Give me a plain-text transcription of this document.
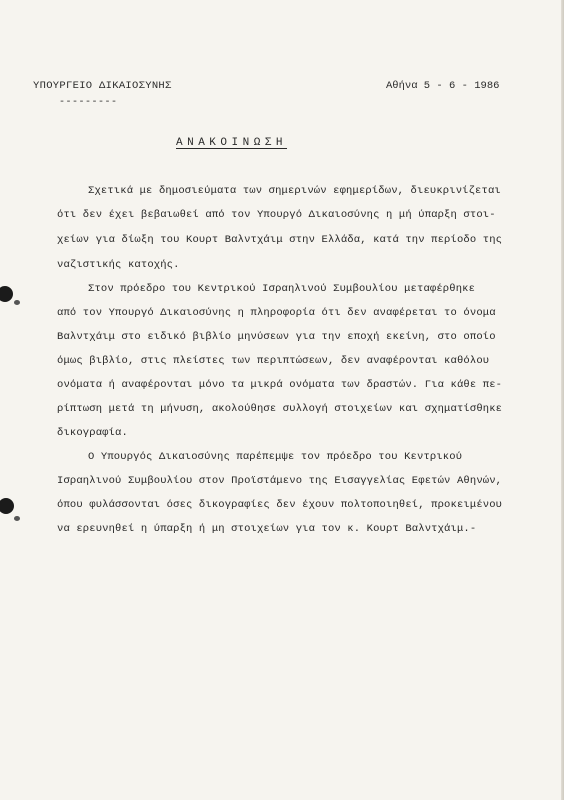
ΥΠΟΥΡΓΕΙΟ ΔΙΚΑΙΟΣΥΝΗΣ
---------
Αθήνα 5 - 6 - 1986
ΑΝΑΚΟΙΝΩΣΗ
Σχετικά με δημοσιεύματα των σημερινών εφημερίδων, διευκρινίζεται
ότι δεν έχει βεβαιωθεί από τον Υπουργό Δικαιοσύνης η μή ύπαρξη στοι-
χείων για δίωξη του Κουρτ Βαλντχάιμ στην Ελλάδα, κατά την περίοδο της
ναζιστικής κατοχής.
Στον πρόεδρο του Κεντρικού Ισραηλινού Συμβουλίου μεταφέρθηκε
από τον Υπουργό Δικαιοσύνης η πληροφορία ότι δεν αναφέρεται το όνομα
Βαλντχάιμ στο ειδικό βιβλίο μηνύσεων για την εποχή εκείνη, στο οποίο
όμως βιβλίο, στις πλείστες των περιπτώσεων, δεν αναφέρονται καθόλου
ονόματα ή αναφέρονται μόνο τα μικρά ονόματα των δραστών. Για κάθε πε-
ρίπτωση μετά τη μήνυση, ακολούθησε συλλογή στοιχείων και σχηματίσθηκε
δικογραφία.
Ο Υπουργός Δικαιοσύνης παρέπεμψε τον πρόεδρο του Κεντρικού
Ισραηλινού Συμβουλίου στον Προϊστάμενο της Εισαγγελίας Εφετών Αθηνών,
όπου φυλάσσονται όσες δικογραφίες δεν έχουν πολτοποιηθεί, προκειμένου
να ερευνηθεί η ύπαρξη ή μη στοιχείων για τον κ. Κουρτ Βαλντχάιμ.-
